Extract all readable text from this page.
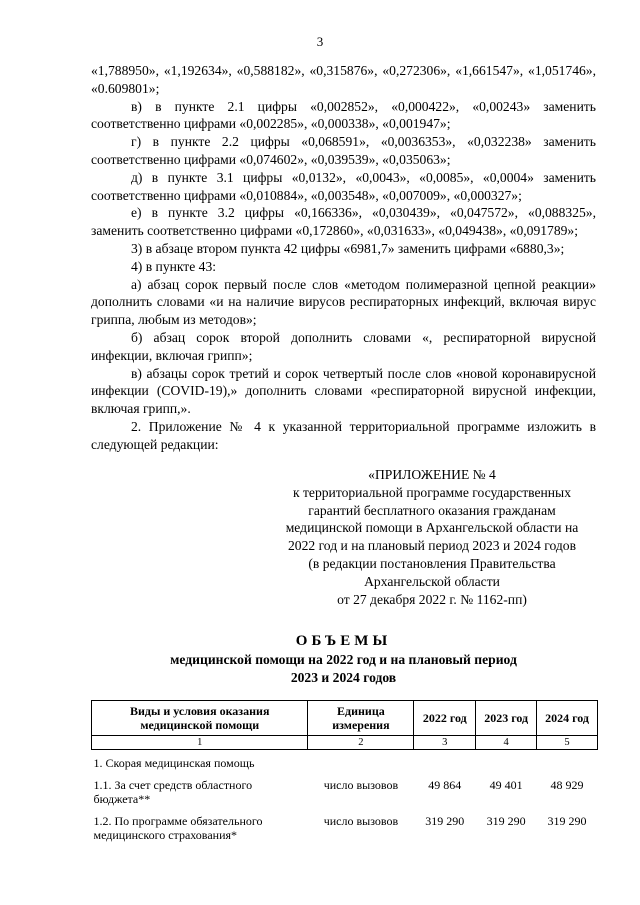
3

«1,788950», «1,192634», «0,588182», «0,315876», «0,272306», «1,661547», «1,051746», «0.609801»;

в) в пункте 2.1 цифры «0,002852», «0,000422», «0,00243» заменить соответственно цифрами «0,002285», «0,000338», «0,001947»;

г) в пункте 2.2 цифры «0,068591», «0,0036353», «0,032238» заменить соответственно цифрами «0,074602», «0,039539», «0,035063»;

д) в пункте 3.1 цифры «0,0132», «0,0043», «0,0085», «0,0004» заменить соответственно цифрами «0,010884», «0,003548», «0,007009», «0,000327»;

е) в пункте 3.2 цифры «0,166336», «0,030439», «0,047572», «0,088325», заменить соответственно цифрами «0,172860», «0,031633», «0,049438», «0,091789»;

3) в абзаце втором пункта 42 цифры «6981,7» заменить цифрами «6880,3»;

4) в пункте 43:

а) абзац сорок первый после слов «методом полимеразной цепной реакции» дополнить словами «и на наличие вирусов респираторных инфекций, включая вирус гриппа, любым из методов»;

б) абзац сорок второй дополнить словами «, респираторной вирусной инфекции, включая грипп»;

в) абзацы сорок третий и сорок четвертый после слов «новой коронавирусной инфекции (COVID-19),» дополнить словами «респираторной вирусной инфекции, включая грипп,».

2. Приложение № 4 к указанной территориальной программе изложить в следующей редакции:

«ПРИЛОЖЕНИЕ № 4
к территориальной программе государственных
гарантий бесплатного оказания гражданам
медицинской помощи в Архангельской области на
2022 год и на плановый период 2023 и 2024 годов
(в редакции постановления Правительства
Архангельской области
от 27 декабря 2022 г. № 1162-пп)
ОБЪЕМЫ
медицинской помощи на 2022 год и на плановый период
2023 и 2024 годов
Виды и условия оказания медицинской помощи	Единица измерения	2022 год	2023 год	2024 год
1	2	3	4	5
1. Скорая медицинская помощь				
1.1. За счет средств областного бюджета**	число вызовов	49 864	49 401	48 929
1.2. По программе обязательного медицинского страхования*	число вызовов	319 290	319 290	319 290
